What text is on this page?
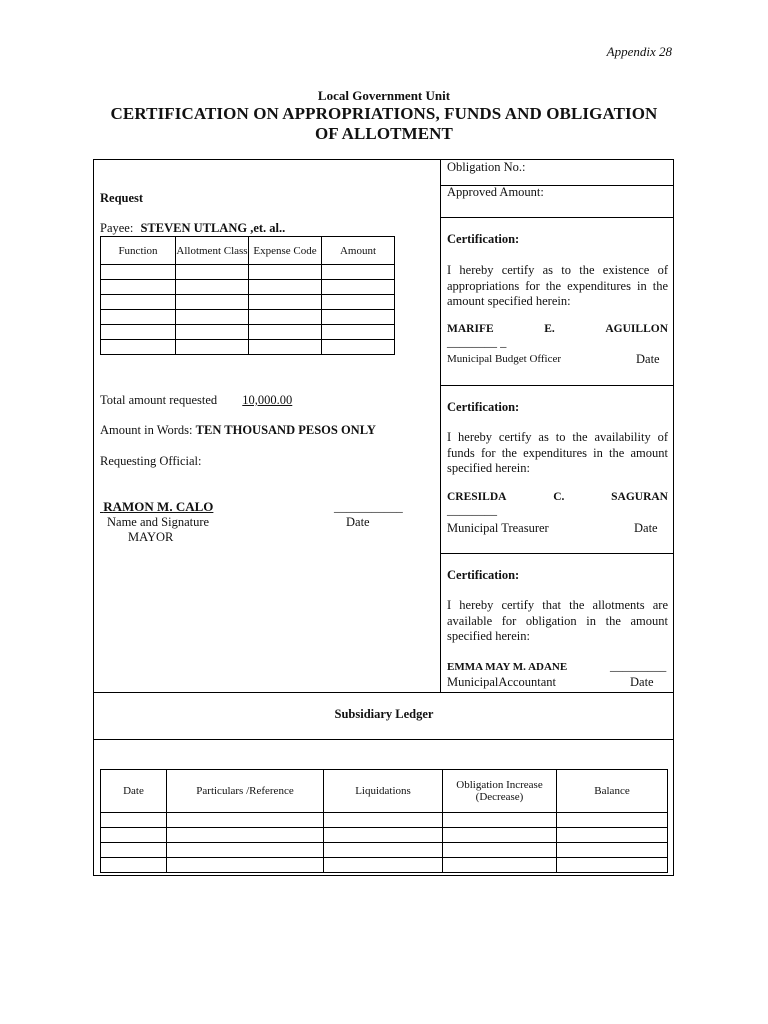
Appendix 28
Local Government Unit
CERTIFICATION ON APPROPRIATIONS, FUNDS AND OBLIGATION
OF ALLOTMENT
Request
Payee: STEVEN UTLANG ,et. al..
Function	Allotment Class	Expense Code	Amount

Total amount requested 10,000.00
Amount in Words: TEN THOUSAND PESOS ONLY
Requesting Official:
RAMON M. CALO	___________
Name and Signature	Date
MAYOR
Obligation No.:
Approved Amount:
Certification:
I hereby certify as to the existence of appropriations for the expenditures in the amount specified herein:
MARIFE	E.	AGUILLON
________ _
Municipal Budget Officer	Date
Certification:
I hereby certify as to the availability of funds for the expenditures in the amount specified herein:
CRESILDA	C.	SAGURAN
________
Municipal Treasurer	Date
Certification:
I hereby certify that the allotments are available for obligation in the amount specified herein:
EMMA MAY M. ADANE	_________
MunicipalAccountant	Date
Subsidiary Ledger
Date	Particulars /Reference	Liquidations	Obligation Increase (Decrease)	Balance
